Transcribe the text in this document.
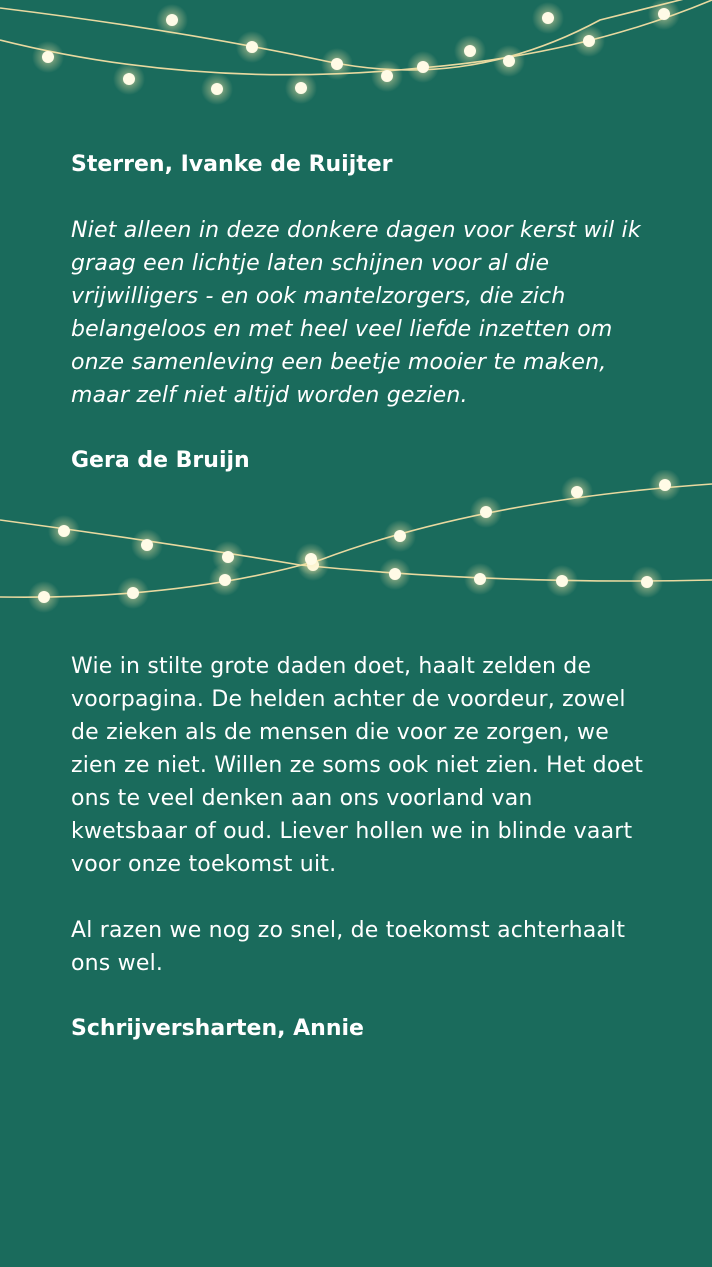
Sterren, Ivanke de Ruijter

Niet alleen in deze donkere dagen voor kerst wil ik graag een lichtje laten schijnen voor al die vrijwilligers - en ook mantelzorgers, die zich belangeloos en met heel veel liefde inzetten om onze samenleving een beetje mooier te maken, maar zelf niet altijd worden gezien.

Gera de Bruijn

Wie in stilte grote daden doet, haalt zelden de voorpagina. De helden achter de voordeur, zowel de zieken als de mensen die voor ze zorgen, we zien ze niet. Willen ze soms ook niet zien. Het doet ons te veel denken aan ons voorland van kwetsbaar of oud. Liever hollen we in blinde vaart voor onze toekomst uit.

Al razen we nog zo snel, de toekomst achterhaalt ons wel.

Schrijversharten, Annie
